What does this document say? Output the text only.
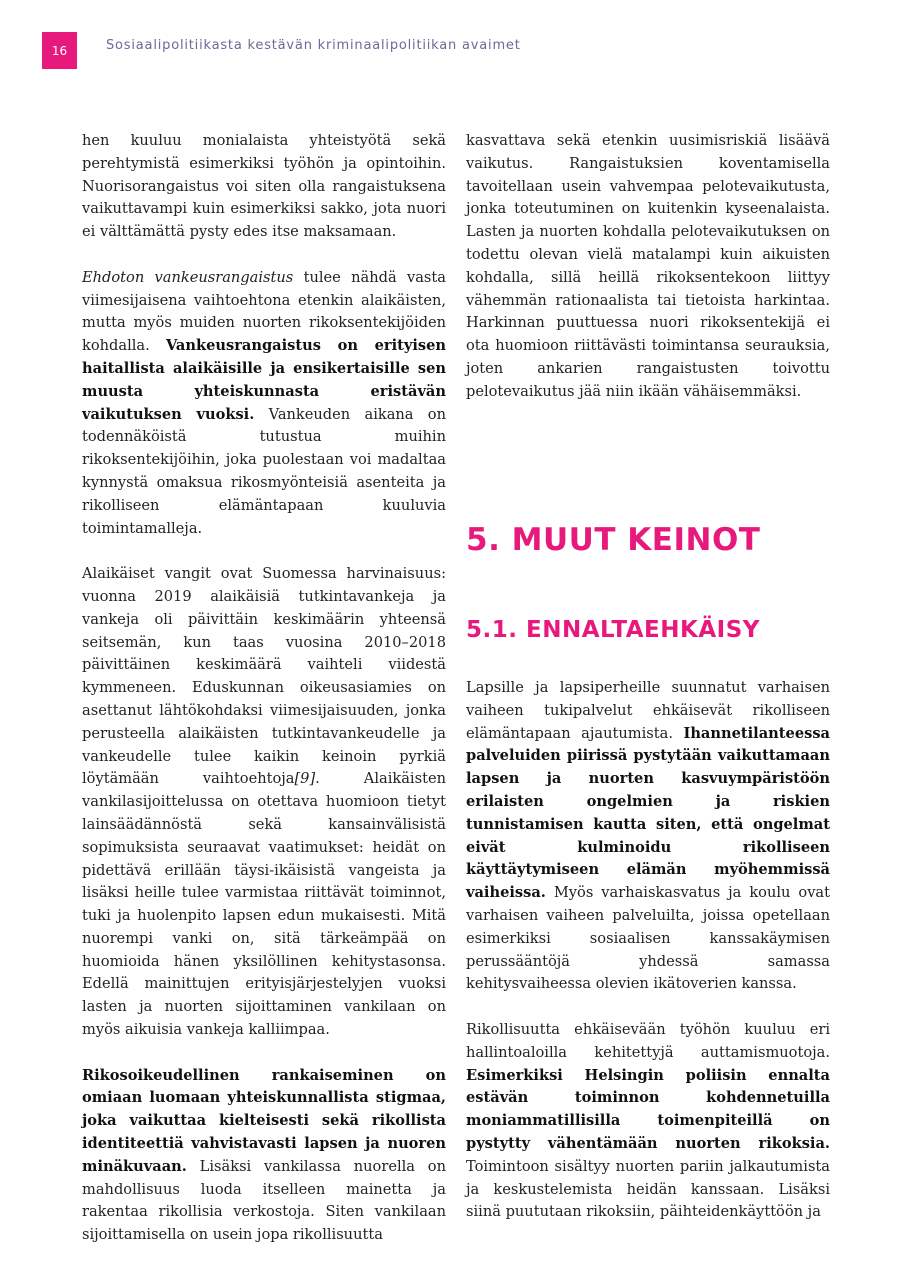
16	Sosiaalipolitiikasta kestävän kriminaalipolitiikan avaimet

hen kuuluu monialaista yhteistyötä sekä perehtymistä esimerkiksi työhön ja opintoihin. Nuorisorangaistus voi siten olla rangaistuksena vaikuttavampi kuin esimerkiksi sakko, jota nuori ei välttämättä pysty edes itse maksamaan.

Ehdoton vankeusrangaistus tulee nähdä vasta viimesijaisena vaihtoehtona etenkin alaikäisten, mutta myös muiden nuorten rikoksentekijöiden kohdalla. Vankeusrangaistus on erityisen haitallista alaikäisille ja ensikertaisille sen muusta yhteiskunnasta eristävän vaikutuksen vuoksi. Vankeuden aikana on todennäköistä tutustua muihin rikoksentekijöihin, joka puolestaan voi madaltaa kynnystä omaksua rikosmyönteisiä asenteita ja rikolliseen elämäntapaan kuuluvia toimintamalleja.

Alaikäiset vangit ovat Suomessa harvinaisuus: vuonna 2019 alaikäisiä tutkintavankeja ja vankeja oli päivittäin keskimäärin yhteensä seitsemän, kun taas vuosina 2010–2018 päivittäinen keskimäärä vaihteli viidestä kymmeneen. Eduskunnan oikeusasiamies on asettanut lähtökohdaksi viimesijaisuuden, jonka perusteella alaikäisten tutkintavankeudelle ja vankeudelle tulee kaikin keinoin pyrkiä löytämään vaihtoehtoja[9]. Alaikäisten vankilasijoittelussa on otettava huomioon tietyt lainsäädännöstä sekä kansainvälisistä sopimuksista seuraavat vaatimukset: heidät on pidettävä erillään täysi-ikäisistä vangeista ja lisäksi heille tulee varmistaa riittävät toiminnot, tuki ja huolenpito lapsen edun mukaisesti. Mitä nuorempi vanki on, sitä tärkeämpää on huomioida hänen yksilöllinen kehitystasonsa. Edellä mainittujen erityisjärjestelyjen vuoksi lasten ja nuorten sijoittaminen vankilaan on myös aikuisia vankeja kalliimpaa.

Rikosoikeudellinen rankaiseminen on omiaan luomaan yhteiskunnallista stigmaa, joka vaikuttaa kielteisesti sekä rikollista identiteettiä vahvistavasti lapsen ja nuoren minäkuvaan. Lisäksi vankilassa nuorella on mahdollisuus luoda itselleen mainetta ja rakentaa rikollisia verkostoja. Siten vankilaan sijoittamisella on usein jopa rikollisuutta

kasvattava sekä etenkin uusimisriskiä lisäävä vaikutus. Rangaistuksien koventamisella tavoitellaan usein vahvempaa pelotevaikutusta, jonka toteutuminen on kuitenkin kyseenalaista. Lasten ja nuorten kohdalla pelotevaikutuksen on todettu olevan vielä matalampi kuin aikuisten kohdalla, sillä heillä rikoksentekoon liittyy vähemmän rationaalista tai tietoista harkintaa. Harkinnan puuttuessa nuori rikoksentekijä ei ota huomioon riittävästi toimintansa seurauksia, joten ankarien rangaistusten toivottu pelotevaikutus jää niin ikään vähäisemmäksi.

5. MUUT KEINOT
5.1. ENNALTAEHKÄISY

Lapsille ja lapsiperheille suunnatut varhaisen vaiheen tukipalvelut ehkäisevät rikolliseen elämäntapaan ajautumista. Ihannetilanteessa palveluiden piirissä pystytään vaikuttamaan lapsen ja nuorten kasvuympäristöön erilaisten ongelmien ja riskien tunnistamisen kautta siten, että ongelmat eivät kulminoidu rikolliseen käyttäytymiseen elämän myöhemmissä vaiheissa. Myös varhaiskasvatus ja koulu ovat varhaisen vaiheen palveluilta, joissa opetellaan esimerkiksi sosiaalisen kanssakäymisen perussääntöjä yhdessä samassa kehitysvaiheessa olevien ikätoverien kanssa.

Rikollisuutta ehkäisevään työhön kuuluu eri hallintoaloilla kehitettyjä auttamismuotoja. Esimerkiksi Helsingin poliisin ennalta estävän toiminnon kohdennetuilla moniammatillisilla toimenpiteillä on pystytty vähentämään nuorten rikoksia. Toimintoon sisältyy nuorten pariin jalkautumista ja keskustelemista heidän kanssaan. Lisäksi siinä puututaan rikoksiin, päihteidenkäyttöön ja
